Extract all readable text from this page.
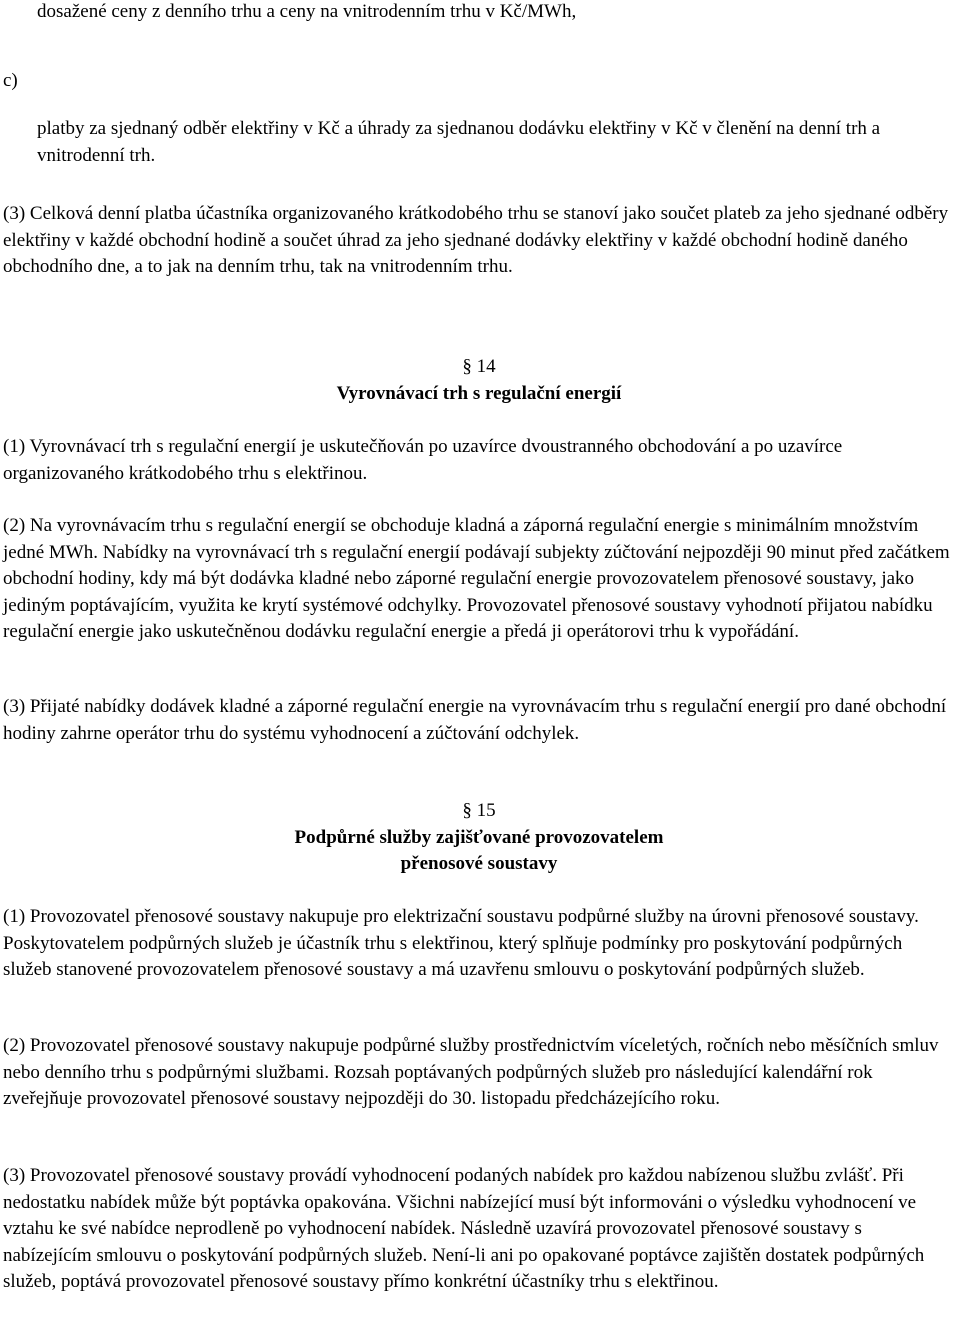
dosažené ceny z denního trhu a ceny na vnitrodenním trhu v Kč/MWh,

c)

platby za sjednaný odběr elektřiny v Kč a úhrady za sjednanou dodávku elektřiny v Kč v členění na denní trh a vnitrodenní trh.

(3) Celková denní platba účastníka organizovaného krátkodobého trhu se stanoví jako součet plateb za jeho sjednané odběry elektřiny v každé obchodní hodině a součet úhrad za jeho sjednané dodávky elektřiny v každé obchodní hodině daného obchodního dne, a to jak na denním trhu, tak na vnitrodenním trhu.

§ 14

Vyrovnávací trh s regulační energií

(1) Vyrovnávací trh s regulační energií je uskutečňován po uzavírce dvoustranného obchodování a po uzavírce organizovaného krátkodobého trhu s elektřinou.

(2) Na vyrovnávacím trhu s regulační energií se obchoduje kladná a záporná regulační energie s minimálním množstvím jedné MWh. Nabídky na vyrovnávací trh s regulační energií podávají subjekty zúčtování nejpozději 90 minut před začátkem obchodní hodiny, kdy má být dodávka kladné nebo záporné regulační energie provozovatelem přenosové soustavy, jako jediným poptávajícím, využita ke krytí systémové odchylky. Provozovatel přenosové soustavy vyhodnotí přijatou nabídku regulační energie jako uskutečněnou dodávku regulační energie a předá ji operátorovi trhu k vypořádání.

(3) Přijaté nabídky dodávek kladné a záporné regulační energie na vyrovnávacím trhu s regulační energií pro dané obchodní hodiny zahrne operátor trhu do systému vyhodnocení a zúčtování odchylek.

§ 15

Podpůrné služby zajišťované provozovatelem

přenosové soustavy

(1) Provozovatel přenosové soustavy nakupuje pro elektrizační soustavu podpůrné služby na úrovni přenosové soustavy. Poskytovatelem podpůrných služeb je účastník trhu s elektřinou, který splňuje podmínky pro poskytování podpůrných služeb stanovené provozovatelem přenosové soustavy a má uzavřenu smlouvu o poskytování podpůrných služeb.

(2) Provozovatel přenosové soustavy nakupuje podpůrné služby prostřednictvím víceletých, ročních nebo měsíčních smluv nebo denního trhu s podpůrnými službami. Rozsah poptávaných podpůrných služeb pro následující kalendářní rok zveřejňuje provozovatel přenosové soustavy nejpozději do 30. listopadu předcházejícího roku.

(3) Provozovatel přenosové soustavy provádí vyhodnocení podaných nabídek pro každou nabízenou službu zvlášť. Při nedostatku nabídek může být poptávka opakována. Všichni nabízející musí být informováni o výsledku vyhodnocení ve vztahu ke své nabídce neprodleně po vyhodnocení nabídek. Následně uzavírá provozovatel přenosové soustavy s nabízejícím smlouvu o poskytování podpůrných služeb. Není-li ani po opakované poptávce zajištěn dostatek podpůrných služeb, poptává provozovatel přenosové soustavy přímo konkrétní účastníky trhu s elektřinou.
